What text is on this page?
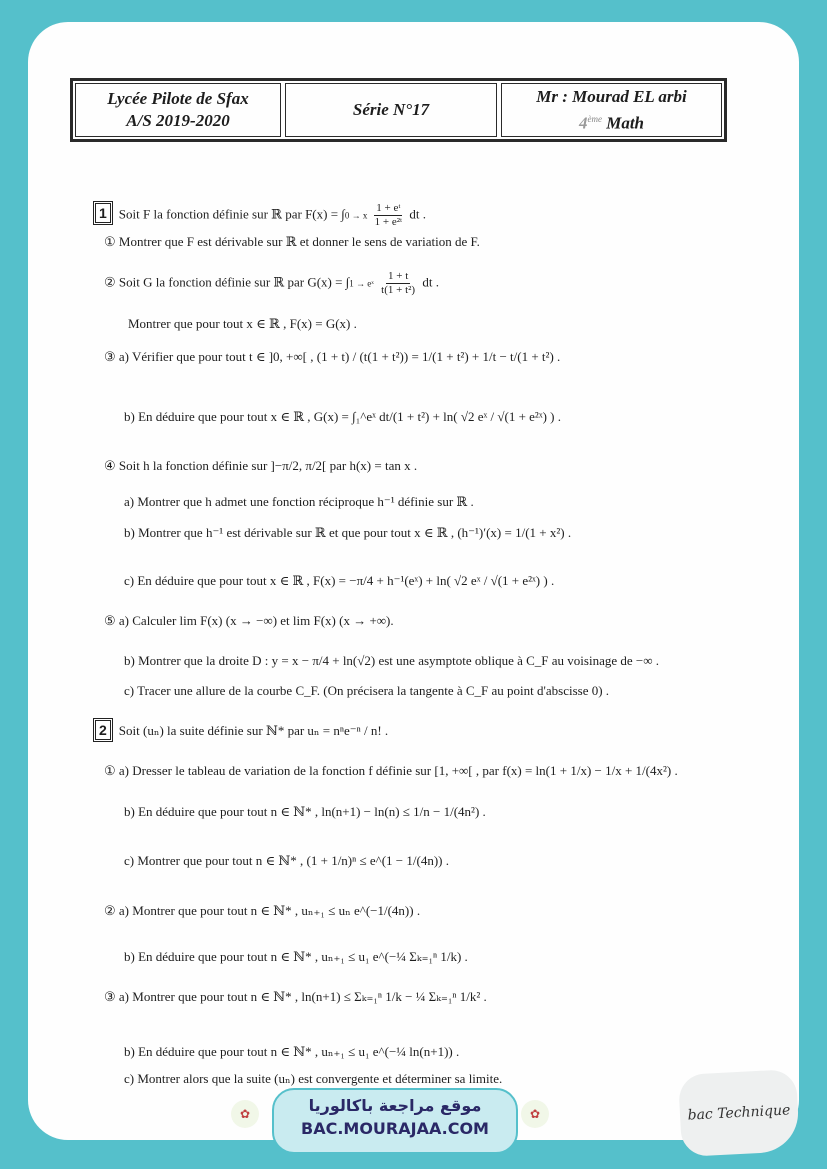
Lycée Pilote de Sfax
A/S 2019-2020
Série N°17
Mr : Mourad EL arbi
4ème Math
1 Soit F la fonction définie sur ℝ par F(x) = ∫0 → x $\frac{\text{1 + eᵗ}}{\text{1 + e²ᵗ}}$ dt .
① Montrer que F est dérivable sur ℝ et donner le sens de variation de F.
② Soit G la fonction définie sur ℝ par G(x) = ∫1 → eˣ $\frac{1 + t}{\text{t(1 + t²)}}$ dt .
Montrer que pour tout x ∈ ℝ , F(x) = G(x) .
③ a) Vérifier que pour tout t ∈ ]0, +∞[ , (1 + t) / (t(1 + t²)) = 1/(1 + t²) + 1/t − t/(1 + t²) .
b) En déduire que pour tout x ∈ ℝ , G(x) = ∫₁^eˣ dt/(1 + t²) + ln( √2 eˣ / √(1 + e²ˣ) ) .
④ Soit h la fonction définie sur ]−π/2, π/2[ par h(x) = tan x .
a) Montrer que h admet une fonction réciproque h⁻¹ définie sur ℝ .
b) Montrer que h⁻¹ est dérivable sur ℝ et que pour tout x ∈ ℝ , (h⁻¹)′(x) = 1/(1 + x²) .
c) En déduire que pour tout x ∈ ℝ , F(x) = −π/4 + h⁻¹(eˣ) + ln( √2 eˣ / √(1 + e²ˣ) ) .
⑤ a) Calculer lim F(x) (x → −∞) et lim F(x) (x → +∞).
b) Montrer que la droite D : y = x − π/4 + ln(√2) est une asymptote oblique à C_F au voisinage de −∞ .
c) Tracer une allure de la courbe C_F. (On précisera la tangente à C_F au point d'abscisse 0) .
2 Soit (uₙ) la suite définie sur ℕ* par uₙ = nⁿe⁻ⁿ / n! .
① a) Dresser le tableau de variation de la fonction f définie sur [1, +∞[ , par f(x) = ln(1 + 1/x) − 1/x + 1/(4x²) .
b) En déduire que pour tout n ∈ ℕ* , ln(n+1) − ln(n) ≤ 1/n − 1/(4n²) .
c) Montrer que pour tout n ∈ ℕ* , (1 + 1/n)ⁿ ≤ e^(1 − 1/(4n)) .
② a) Montrer que pour tout n ∈ ℕ* , uₙ₊₁ ≤ uₙ e^(−1/(4n)) .
b) En déduire que pour tout n ∈ ℕ* , uₙ₊₁ ≤ u₁ e^(−¼ Σₖ₌₁ⁿ 1/k) .
③ a) Montrer que pour tout n ∈ ℕ* , ln(n+1) ≤ Σₖ₌₁ⁿ 1/k − ¼ Σₖ₌₁ⁿ 1/k² .
b) En déduire que pour tout n ∈ ℕ* , uₙ₊₁ ≤ u₁ e^(−¼ ln(n+1)) .
c) Montrer alors que la suite (uₙ) est convergente et déterminer sa limite.
✿	موقع مراجعة باكالوريا
BAC.MOURAJAA.COM
✿	bac Technique
